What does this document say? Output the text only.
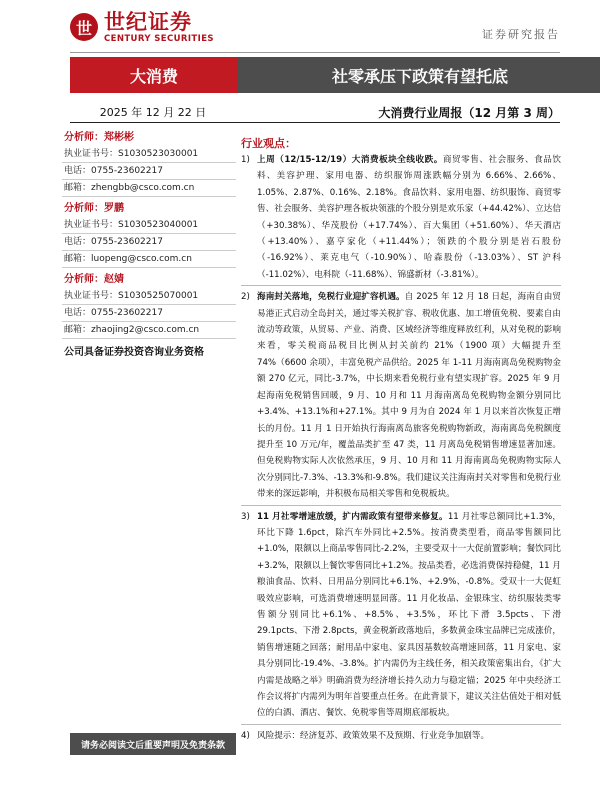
世 世纪证券
CENTURY SECURITIES	证券研究报告
大消费	社零承压下政策有望托底
2025 年 12 月 22 日	大消费行业周报（12 月第 3 周）
分析师：郑彬彬
执业证书号：S1030523030001
电话：0755-23602217
邮箱：zhengbb@csco.com.cn
分析师：罗鹏
执业证书号：S1030523040001
电话：0755-23602217
邮箱：luopeng@csco.com.cn
分析师：赵婧
执业证书号：S1030525070001
电话：0755-23602217
邮箱：zhaojing2@csco.com.cn
公司具备证券投资咨询业务资格
请务必阅读文后重要声明及免责条款
行业观点：
1) 上周（12/15-12/19）大消费板块全线收跌。商贸零售、社会服务、食品饮料、美容护理、家用电器、纺织服饰周涨跌幅分别为 6.66%、2.66%、1.05%、2.87%、0.16%、2.18%。食品饮料、家用电器、纺织服饰、商贸零售、社会服务、美容护理各板块领涨的个股分别是欢乐家（+44.42%）、立达信（+30.38%）、华茂股份（+17.74%）、百大集团（+51.60%）、华天酒店（+13.40%）、嘉亨家化（+11.44%）；领跌的个股分别是岩石股份（-16.92%）、莱克电气（-10.90%）、哈森股份（-13.03%）、ST 沪科（-11.02%）、电科院（-11.68%）、锦盛新材（-3.81%）。
2) 海南封关落地，免税行业迎扩容机遇。自 2025 年 12 月 18 日起，海南自由贸易港正式启动全岛封关，通过零关税扩容、税收优惠、加工增值免税、要素自由流动等政策，从贸易、产业、消费、区域经济等维度释放红利，从对免税的影响来看，零关税商品税目比例从封关前约 21%（1900 项）大幅提升至 74%（6600 余项），丰富免税产品供给。2025 年 1-11 月海南离岛免税购物金额 270 亿元，同比-3.7%，中长期来看免税行业有望实现扩容。2025 年 9 月起海南免税销售回暖，9 月、10 月和 11 月海南离岛免税购物金额分别同比+3.4%、+13.1%和+27.1%。其中 9 月为自 2024 年 1 月以来首次恢复正增长的月份。11 月 1 日开始执行海南离岛旅客免税购物新政，海南离岛免税额度提升至 10 万元/年，覆盖品类扩至 47 类，11 月离岛免税销售增速显著加速。但免税购物实际人次依然承压，9 月、10 月和 11 月海南离岛免税购物实际人次分别同比-7.3%、-13.3%和-9.8%。我们建议关注海南封关对零售和免税行业带来的深远影响，并积极布局相关零售和免税板块。
3) 11 月社零增速放缓，扩内需政策有望带来修复。11 月社零总额同比+1.3%，环比下降 1.6pct，除汽车外同比+2.5%。按消费类型看，商品零售额同比+1.0%，限额以上商品零售同比-2.2%，主要受双十一大促前置影响；餐饮同比+3.2%，限额以上餐饮零售同比+1.2%。按品类看，必选消费保持稳健，11 月粮油食品、饮料、日用品分别同比+6.1%、+2.9%、-0.8%。受双十一大促虹吸效应影响，可选消费增速明显回落。11 月化妆品、金银珠宝、纺织服装类零售额分别同比+6.1%、+8.5%、+3.5%，环比下滑 3.5pcts、下滑 29.1pcts、下滑 2.8pcts，黄金税新政落地后，多数黄金珠宝品牌已完成涨价，销售增速随之回落；耐用品中家电、家具因基数较高增速回落，11 月家电、家具分别同比-19.4%、-3.8%。扩内需仍为主线任务，相关政策密集出台，《扩大内需是战略之举》明确消费为经济增长持久动力与稳定锚；2025 年中央经济工作会议将扩内需列为明年首要重点任务。在此背景下，建议关注估值处于相对低位的白酒、酒店、餐饮、免税零售等周期底部板块。
4) 风险提示：经济复苏、政策效果不及预期、行业竞争加剧等。
